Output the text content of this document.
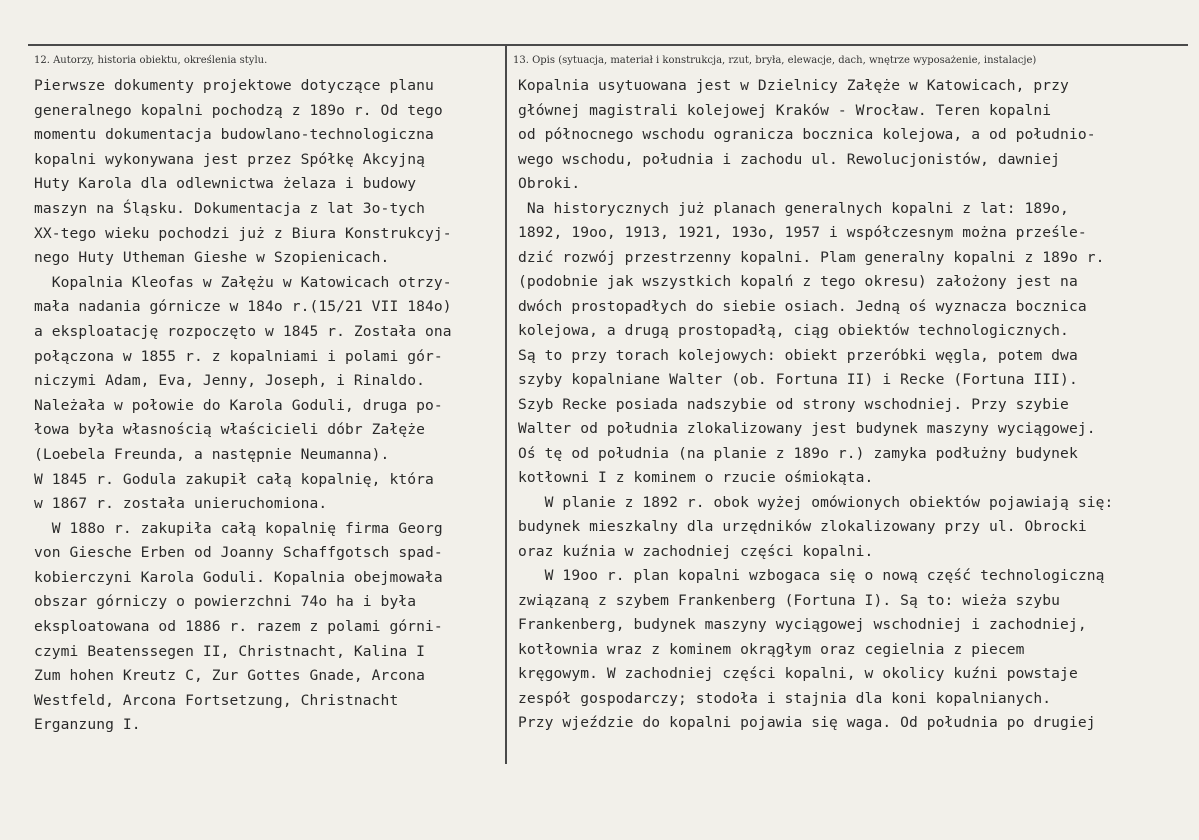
12. Autorzy, historia obiektu, określenia stylu.	13. Opis (sytuacja, materiał i konstrukcja, rzut, bryła, elewacje, dach, wnętrze wyposażenie, instalacje)
Pierwsze dokumenty projektowe dotyczące planu
generalnego kopalni pochodzą z 189o r. Od tego
momentu dokumentacja budowlano-technologiczna
kopalni wykonywana jest przez Spółkę Akcyjną
Huty Karola dla odlewnictwa żelaza i budowy
maszyn na Śląsku. Dokumentacja z lat 3o-tych
XX-tego wieku pochodzi już z Biura Konstrukcyj-
nego Huty Utheman Gieshe w Szopienicach.
Kopalnia Kleofas w Załężu w Katowicach otrzy-
mała nadania górnicze w 184o r.(15/21 VII 184o)
a eksploatację rozpoczęto w 1845 r. Została ona
połączona w 1855 r. z kopalniami i polami gór-
niczymi Adam, Eva, Jenny, Joseph, i Rinaldo.
Należała w połowie do Karola Goduli, druga po-
łowa była własnością właścicieli dóbr Załęże
(Loebela Freunda, a następnie Neumanna).
W 1845 r. Godula zakupił całą kopalnię, która
w 1867 r. została unieruchomiona.
W 188o r. zakupiła całą kopalnię firma Georg
von Giesche Erben od Joanny Schaffgotsch spad-
kobierczyni Karola Goduli. Kopalnia obejmowała
obszar górniczy o powierzchni 74o ha i była
eksploatowana od 1886 r. razem z polami górni-
czymi Beatenssegen II, Christnacht, Kalina I
Zum hohen Kreutz C, Zur Gottes Gnade, Arcona
Westfeld, Arcona Fortsetzung, Christnacht
Erganzung I.
Kopalnia usytuowana jest w Dzielnicy Załęże w Katowicach, przy
głównej magistrali kolejowej Kraków - Wrocław. Teren kopalni
od północnego wschodu ogranicza bocznica kolejowa, a od południo-
wego wschodu, południa i zachodu ul. Rewolucjonistów, dawniej
Obroki.
Na historycznych już planach generalnych kopalni z lat: 189o,
1892, 19oo, 1913, 1921, 193o, 1957 i współczesnym można prześle-
dzić rozwój przestrzenny kopalni. Plam generalny kopalni z 189o r.
(podobnie jak wszystkich kopalń z tego okresu) założony jest na
dwóch prostopadłych do siebie osiach. Jedną oś wyznacza bocznica
kolejowa, a drugą prostopadłą, ciąg obiektów technologicznych.
Są to przy torach kolejowych: obiekt przeróbki węgla, potem dwa
szyby kopalniane Walter (ob. Fortuna II) i Recke (Fortuna III).
Szyb Recke posiada nadszybie od strony wschodniej. Przy szybie
Walter od południa zlokalizowany jest budynek maszyny wyciągowej.
Oś tę od południa (na planie z 189o r.) zamyka podłużny budynek
kotłowni I z kominem o rzucie ośmiokąta.
W planie z 1892 r. obok wyżej omówionych obiektów pojawiają się:
budynek mieszkalny dla urzędników zlokalizowany przy ul. Obrocki
oraz kuźnia w zachodniej części kopalni.
W 19oo r. plan kopalni wzbogaca się o nową część technologiczną
związaną z szybem Frankenberg (Fortuna I). Są to: wieża szybu
Frankenberg, budynek maszyny wyciągowej wschodniej i zachodniej,
kotłownia wraz z kominem okrągłym oraz cegielnia z piecem
kręgowym. W zachodniej części kopalni, w okolicy kuźni powstaje
zespół gospodarczy; stodoła i stajnia dla koni kopalnianych.
Przy wjeździe do kopalni pojawia się waga. Od południa po drugiej
